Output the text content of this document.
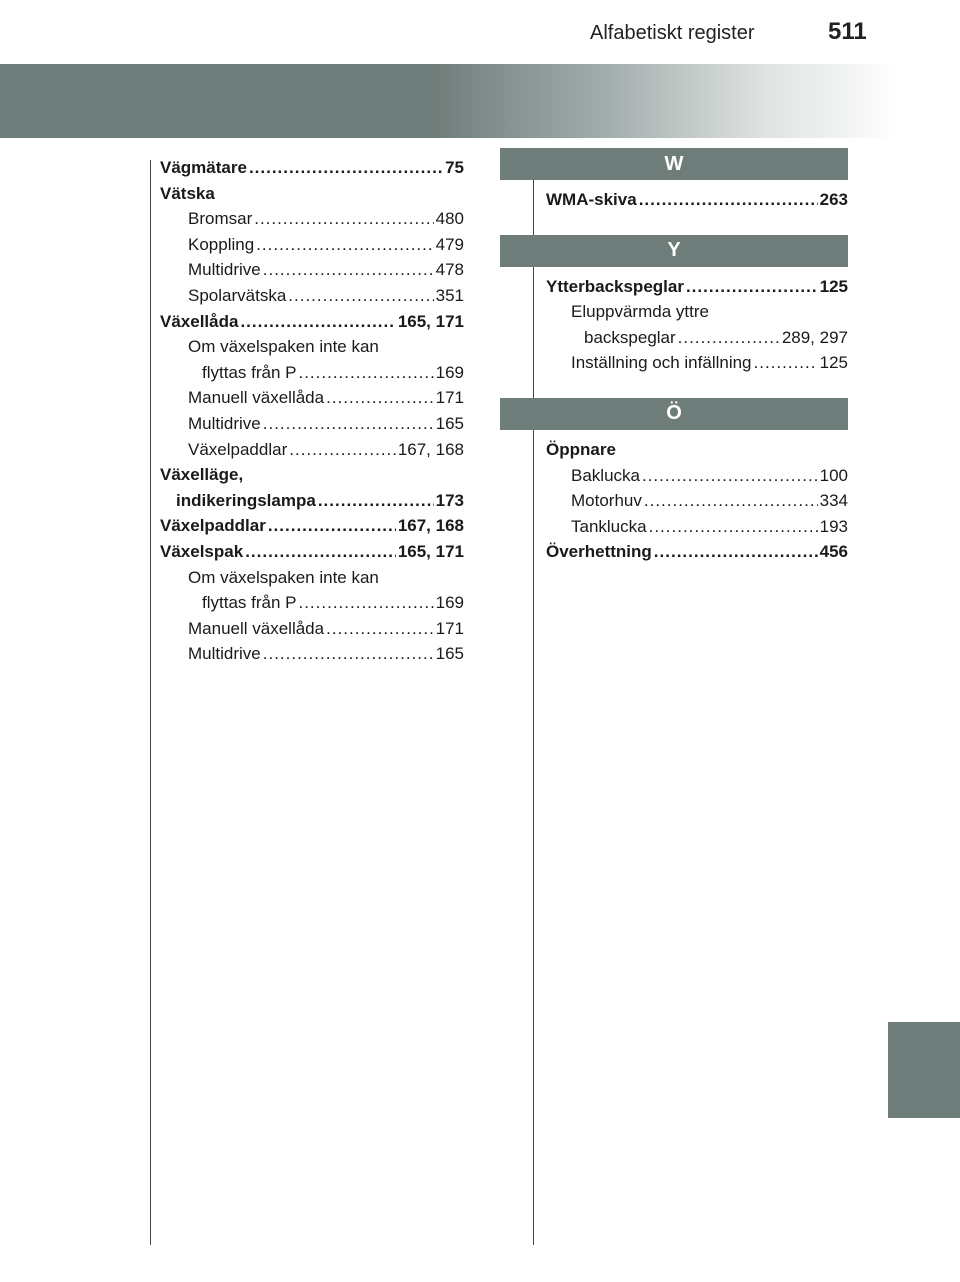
Alfabetiskt register	511
Vägmätare .....	75
Vätska
Bromsar .....	480
Koppling .....	479
Multidrive .....	478
Spolarvätska .....	351
Växellåda .....	165, 171
Om växelspaken inte kan
flyttas från P .....	169
Manuell växellåda .....	171
Multidrive .....	165
Växelpaddlar .....	167, 168
Växelläge,
indikeringslampa .....	173
Växelpaddlar .....	167, 168
Växelspak .....	165, 171
Om växelspaken inte kan
flyttas från P .....	169
Manuell växellåda .....	171
Multidrive .....	165
W
WMA-skiva .....	263
Y
Ytterbackspeglar .....	125
Eluppvärmda yttre
backspeglar .....	289, 297
Inställning och infällning .....	125
Ö
Öppnare
Baklucka .....	100
Motorhuv .....	334
Tanklucka .....	193
Överhettning .....	456
